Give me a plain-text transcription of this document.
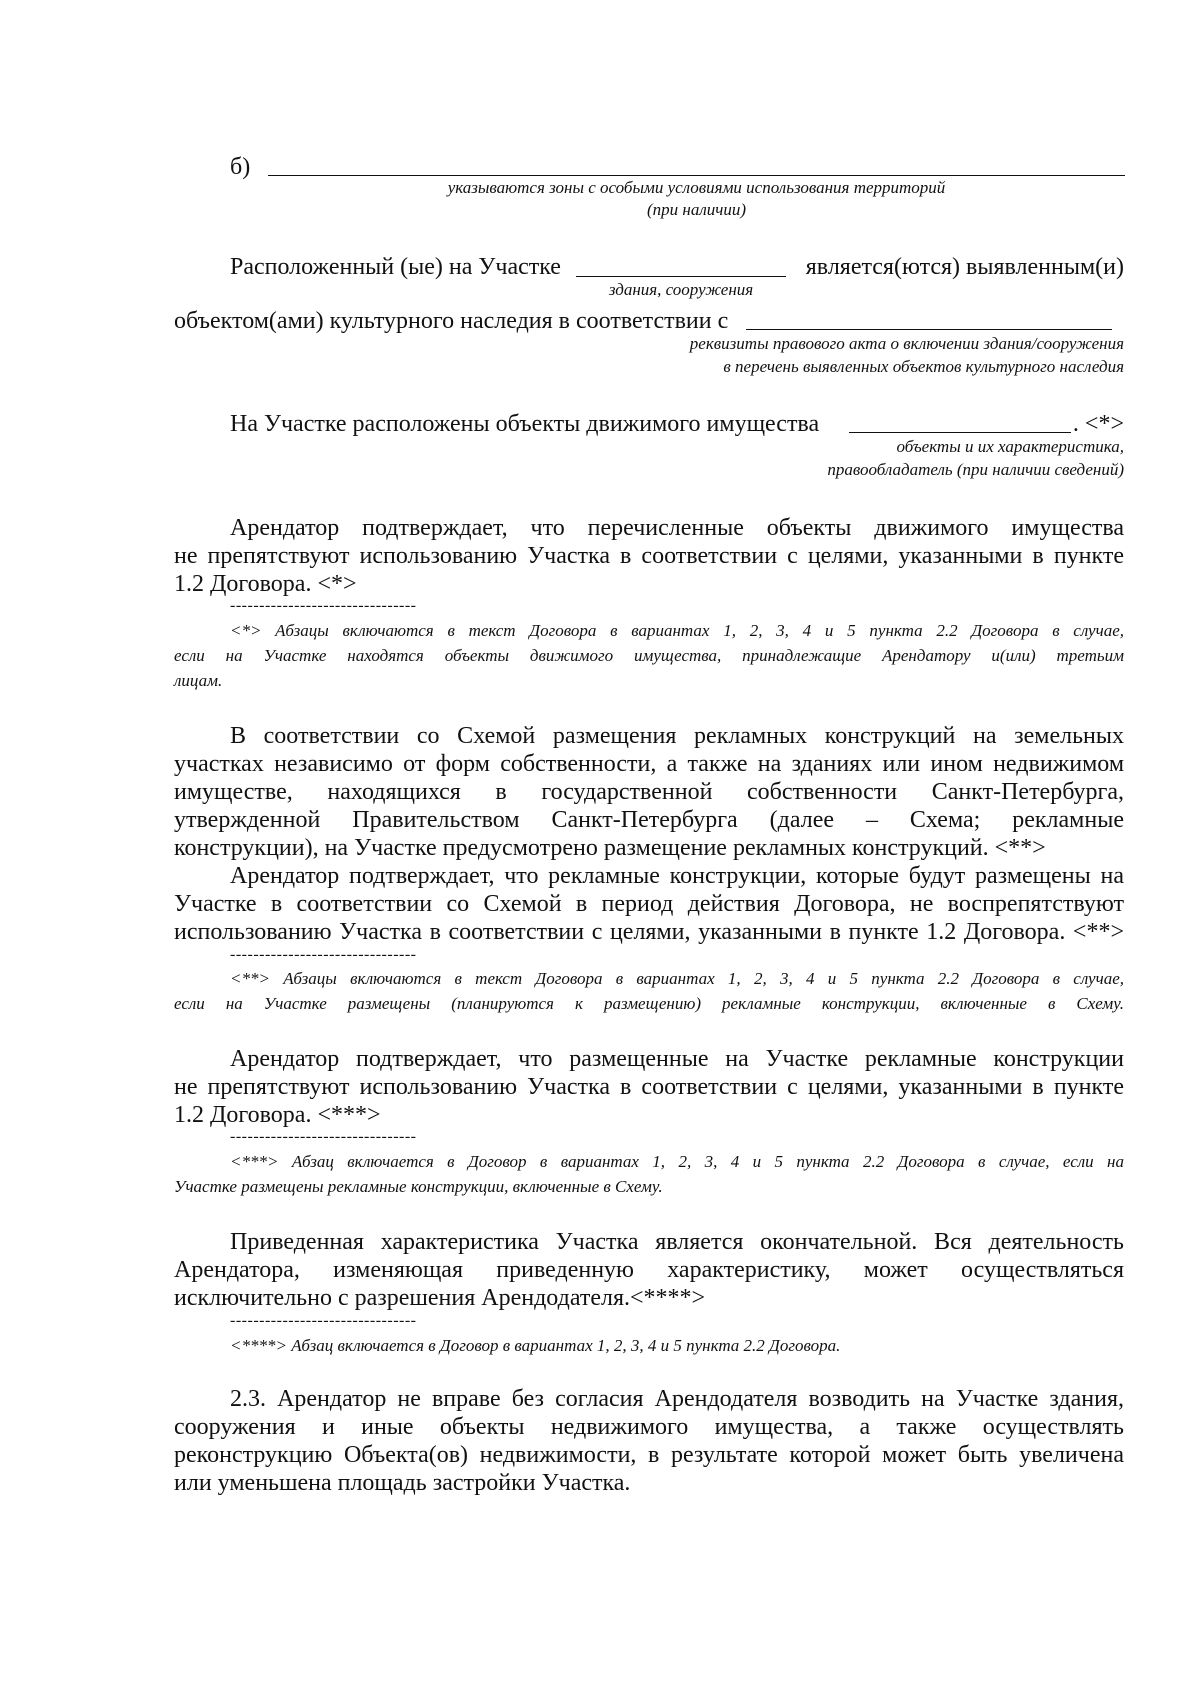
б)
указываются зоны с особыми условиями использования территорий
(при наличии)
Расположенный (ые) на Участке	является(ются) выявленным(и)
здания, сооружения
объектом(ами) культурного наследия в соответствии с
реквизиты правового акта о включении здания/сооружения
в перечень выявленных объектов культурного наследия
На Участке расположены объекты движимого имущества	. <*>
объекты и их характеристика,
правообладатель (при наличии сведений)
Арендатор подтверждает, что перечисленные объекты движимого имущества
не препятствуют использованию Участка в соответствии с целями, указанными в пункте
1.2 Договора. <*>
--------------------------------
<*> Абзацы включаются в текст Договора в вариантах 1, 2, 3, 4 и 5 пункта 2.2 Договора в случае,
если на Участке находятся объекты движимого имущества, принадлежащие Арендатору и(или) третьим
лицам.
В соответствии со Схемой размещения рекламных конструкций на земельных
участках независимо от форм собственности, а также на зданиях или ином недвижимом
имуществе, находящихся в государственной собственности Санкт-Петербурга,
утвержденной Правительством Санкт-Петербурга (далее – Схема; рекламные
конструкции), на Участке предусмотрено размещение рекламных конструкций. <**>
Арендатор подтверждает, что рекламные конструкции, которые будут размещены на
Участке в соответствии со Схемой в период действия Договора, не воспрепятствуют
использованию Участка в соответствии с целями, указанными в пункте 1.2 Договора. <**>
--------------------------------
<**> Абзацы включаются в текст Договора в вариантах 1, 2, 3, 4 и 5 пункта 2.2 Договора в случае,
если на Участке размещены (планируются к размещению) рекламные конструкции, включенные в Схему.
Арендатор подтверждает, что размещенные на Участке рекламные конструкции
не препятствуют использованию Участка в соответствии с целями, указанными в пункте
1.2 Договора. <***>
--------------------------------
<***> Абзац включается в Договор в вариантах 1, 2, 3, 4 и 5 пункта 2.2 Договора в случае, если на
Участке размещены рекламные конструкции, включенные в Схему.
Приведенная характеристика Участка является окончательной. Вся деятельность
Арендатора, изменяющая приведенную характеристику, может осуществляться
исключительно с разрешения Арендодателя.<****>
--------------------------------
<****> Абзац включается в Договор в вариантах 1, 2, 3, 4 и 5 пункта 2.2 Договора.
2.3. Арендатор не вправе без согласия Арендодателя возводить на Участке здания,
сооружения и иные объекты недвижимого имущества, а также осуществлять
реконструкцию Объекта(ов) недвижимости, в результате которой может быть увеличена
или уменьшена площадь застройки Участка.
